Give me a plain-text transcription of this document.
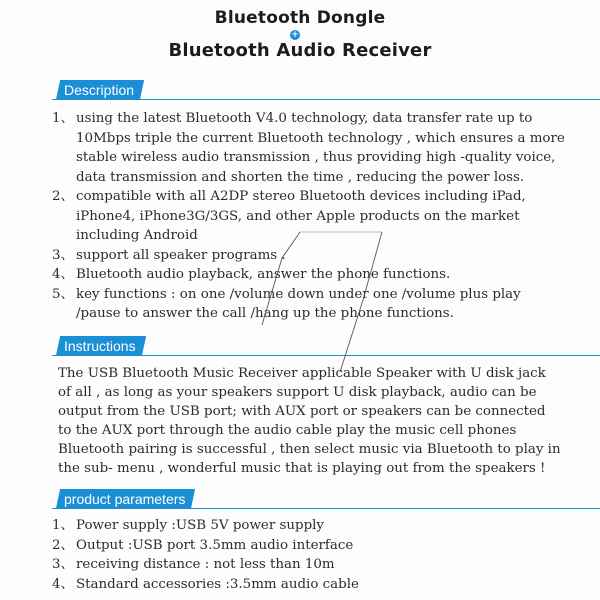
Bluetooth Dongle
+
Bluetooth Audio Receiver
Description
1、 using the latest Bluetooth V4.0 technology, data transfer rate up to
10Mbps triple the current Bluetooth technology , which ensures a more
stable wireless audio transmission , thus providing high -quality voice,
data transmission and shorten the time , reducing the power loss.
2、 compatible with all A2DP stereo Bluetooth devices including iPad,
iPhone4, iPhone3G/3GS, and other Apple products on the market
including Android
3、 support all speaker programs .
4、 Bluetooth audio playback, answer the phone functions.
5、 key functions : on one /volume down under one /volume plus play
/pause to answer the call /hang up the phone functions.
Instructions
The USB Bluetooth Music Receiver applicable Speaker with U disk jack
of all , as long as your speakers support U disk playback, audio can be
output from the USB port; with AUX port or speakers can be connected
to the AUX port through the audio cable play the music cell phones
Bluetooth pairing is successful , then select music via Bluetooth to play in
the sub- menu , wonderful music that is playing out from the speakers !
product parameters
1、 Power supply :USB 5V power supply
2、 Output :USB port 3.5mm audio interface
3、 receiving distance : not less than 10m
4、 Standard accessories :3.5mm audio cable
